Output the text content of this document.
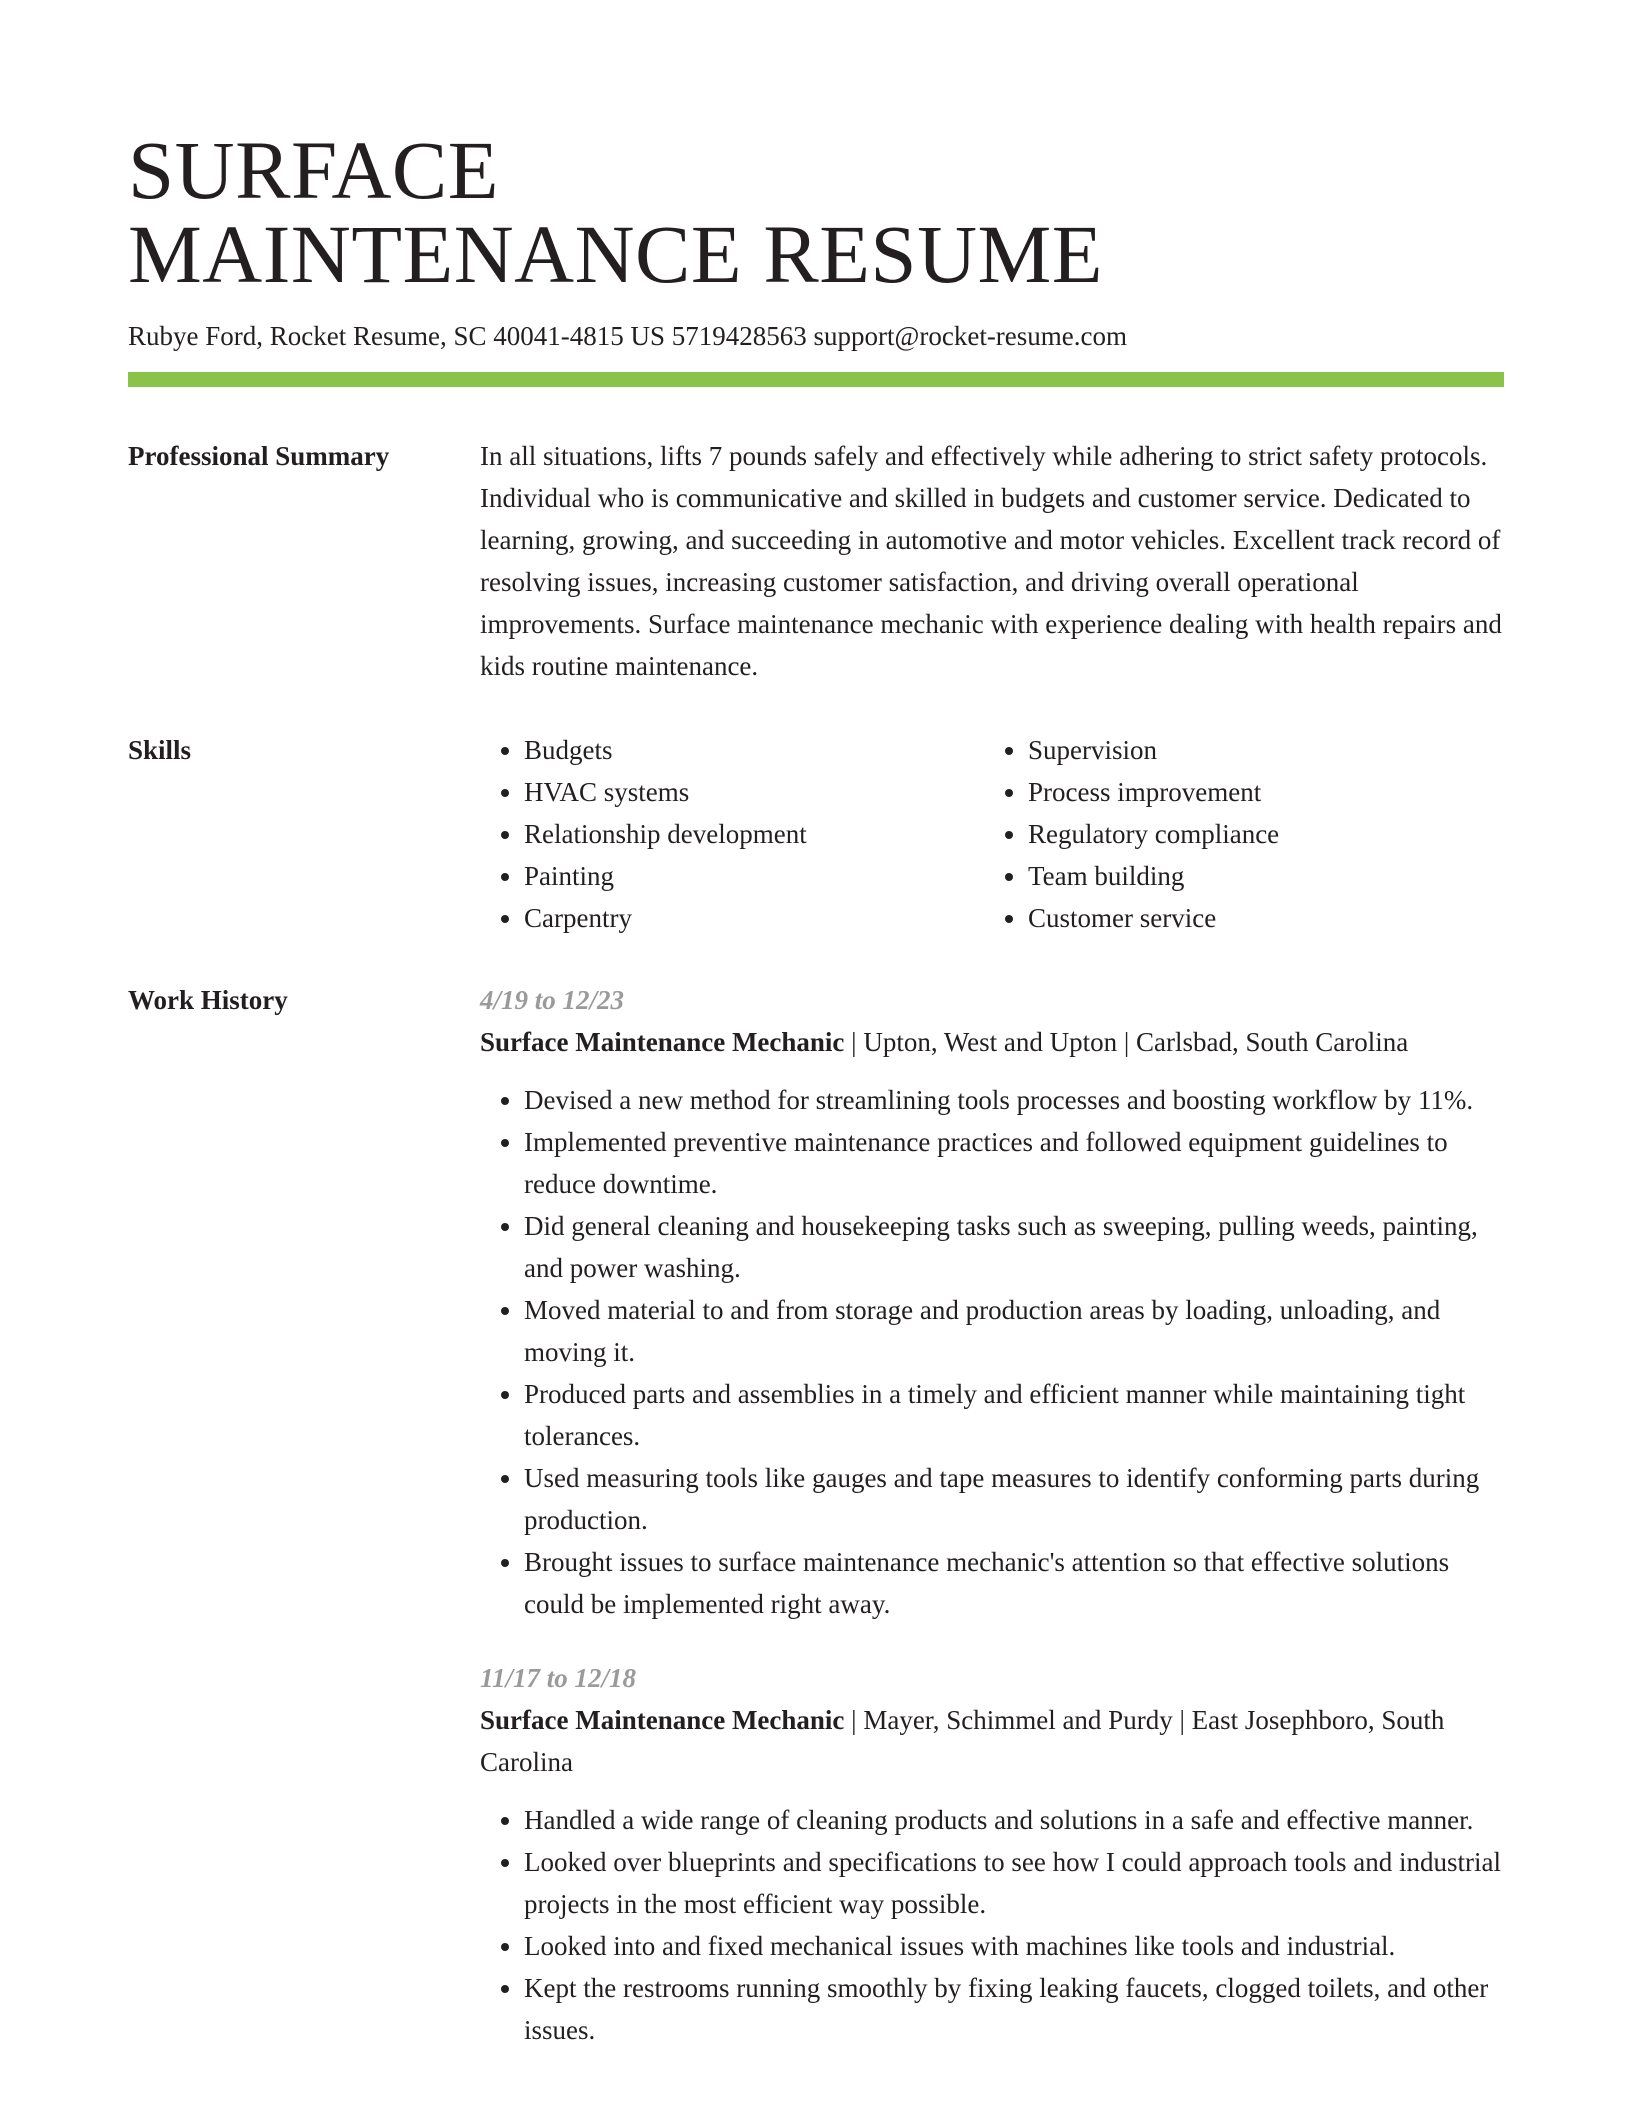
SURFACE
MAINTENANCE RESUME
Rubye Ford, Rocket Resume, SC 40041-4815 US 5719428563 support@rocket-resume.com
Professional Summary	In all situations, lifts 7 pounds safely and effectively while adhering to strict safety protocols. Individual who is communicative and skilled in budgets and customer service. Dedicated to learning, growing, and succeeding in automotive and motor vehicles. Excellent track record of resolving issues, increasing customer satisfaction, and driving overall operational improvements. Surface maintenance mechanic with experience dealing with health repairs and kids routine maintenance.

Skills
•	Budgets
• HVAC systems
• Relationship development
• Painting
• Carpentry
• Supervision
• Process improvement
• Regulatory compliance
• Team building
• Customer service
Work History	4/19 to 12/23
Surface Maintenance Mechanic | Upton, West and Upton | Carlsbad, South Carolina
• Devised a new method for streamlining tools processes and boosting workflow by 11%.
• Implemented preventive maintenance practices and followed equipment guidelines to reduce downtime.
• Did general cleaning and housekeeping tasks such as sweeping, pulling weeds, painting, and power washing.
• Moved material to and from storage and production areas by loading, unloading, and moving it.
• Produced parts and assemblies in a timely and efficient manner while maintaining tight tolerances.
• Used measuring tools like gauges and tape measures to identify conforming parts during production.
• Brought issues to surface maintenance mechanic's attention so that effective solutions could be implemented right away.
11/17 to 12/18
Surface Maintenance Mechanic | Mayer, Schimmel and Purdy | East Josephboro, South Carolina
• Handled a wide range of cleaning products and solutions in a safe and effective manner.
• Looked over blueprints and specifications to see how I could approach tools and industrial projects in the most efficient way possible.
• Looked into and fixed mechanical issues with machines like tools and industrial.
• Kept the restrooms running smoothly by fixing leaking faucets, clogged toilets, and other issues.
